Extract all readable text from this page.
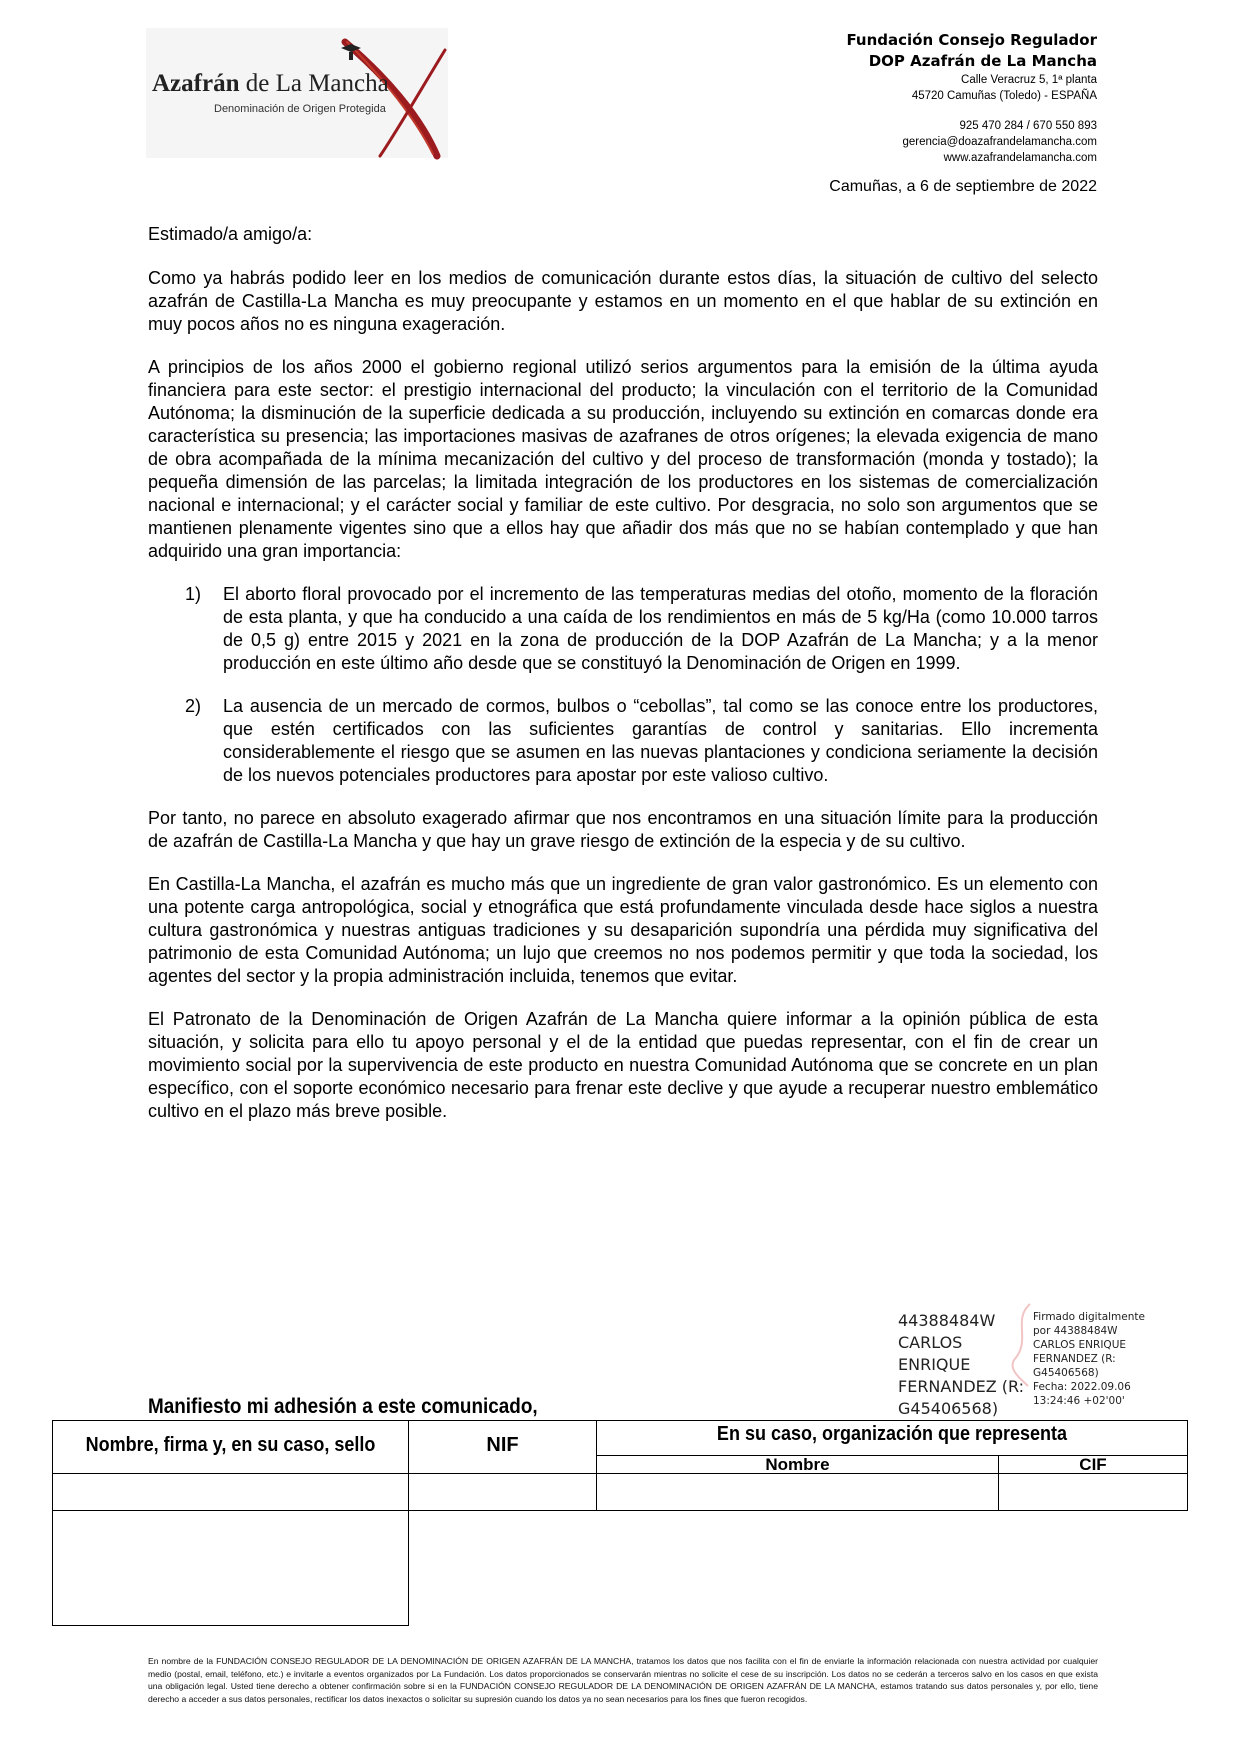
Azafrán de La Mancha
Denominación de Origen Protegida
Fundación Consejo Regulador
DOP Azafrán de La Mancha
Calle Veracruz 5, 1ª planta
45720 Camuñas (Toledo) - ESPAÑA
925 470 284 / 670 550 893
gerencia@doazafrandelamancha.com
www.azafrandelamancha.com
Camuñas, a 6 de septiembre de 2022

Estimado/a amigo/a:

Como ya habrás podido leer en los medios de comunicación durante estos días, la situación de cultivo del selecto azafrán de Castilla-La Mancha es muy preocupante y estamos en un momento en el que hablar de su extinción en muy pocos años no es ninguna exageración.

A principios de los años 2000 el gobierno regional utilizó serios argumentos para la emisión de la última ayuda financiera para este sector: el prestigio internacional del producto; la vinculación con el territorio de la Comunidad Autónoma; la disminución de la superficie dedicada a su producción, incluyendo su extinción en comarcas donde era característica su presencia; las importaciones masivas de azafranes de otros orígenes; la elevada exigencia de mano de obra acompañada de la mínima mecanización del cultivo y del proceso de transformación (monda y tostado); la pequeña dimensión de las parcelas; la limitada integración de los productores en los sistemas de comercialización nacional e internacional; y el carácter social y familiar de este cultivo. Por desgracia, no solo son argumentos que se mantienen plenamente vigentes sino que a ellos hay que añadir dos más que no se habían contemplado y que han adquirido una gran importancia:

1) El aborto floral provocado por el incremento de las temperaturas medias del otoño, momento de la floración de esta planta, y que ha conducido a una caída de los rendimientos en más de 5 kg/Ha (como 10.000 tarros de 0,5 g) entre 2015 y 2021 en la zona de producción de la DOP Azafrán de La Mancha; y a la menor producción en este último año desde que se constituyó la Denominación de Origen en 1999.
2) La ausencia de un mercado de cormos, bulbos o “cebollas”, tal como se las conoce entre los productores, que estén certificados con las suficientes garantías de control y sanitarias. Ello incrementa considerablemente el riesgo que se asumen en las nuevas plantaciones y condiciona seriamente la decisión de los nuevos potenciales productores para apostar por este valioso cultivo.

Por tanto, no parece en absoluto exagerado afirmar que nos encontramos en una situación límite para la producción de azafrán de Castilla-La Mancha y que hay un grave riesgo de extinción de la especia y de su cultivo.

En Castilla-La Mancha, el azafrán es mucho más que un ingrediente de gran valor gastronómico. Es un elemento con una potente carga antropológica, social y etnográfica que está profundamente vinculada desde hace siglos a nuestra cultura gastronómica y nuestras antiguas tradiciones y su desaparición supondría una pérdida muy significativa del patrimonio de esta Comunidad Autónoma; un lujo que creemos no nos podemos permitir y que toda la sociedad, los agentes del sector y la propia administración incluida, tenemos que evitar.

El Patronato de la Denominación de Origen Azafrán de La Mancha quiere informar a la opinión pública de esta situación, y solicita para ello tu apoyo personal y el de la entidad que puedas representar, con el fin de crear un movimiento social por la supervivencia de este producto en nuestra Comunidad Autónoma que se concrete en un plan específico, con el soporte económico necesario para frenar este declive y que ayude a recuperar nuestro emblemático cultivo en el plazo más breve posible.

44388484W
CARLOS
ENRIQUE
FERNANDEZ (R:
G45406568)
Firmado digitalmente
por 44388484W
CARLOS ENRIQUE
FERNANDEZ (R:
G45406568)
Fecha: 2022.09.06
13:24:46 +02'00'
Manifiesto mi adhesión a este comunicado,
Nombre, firma y, en su caso, sello	NIF	En su caso, organización que representa
Nombre	CIF
En nombre de la FUNDACIÓN CONSEJO REGULADOR DE LA DENOMINACIÓN DE ORIGEN AZAFRÁN DE LA MANCHA, tratamos los datos que nos facilita con el fin de enviarle la información relacionada con nuestra actividad por cualquier medio (postal, email, teléfono, etc.) e invitarle a eventos organizados por La Fundación. Los datos proporcionados se conservarán mientras no solicite el cese de su inscripción. Los datos no se cederán a terceros salvo en los casos en que exista una obligación legal. Usted tiene derecho a obtener confirmación sobre si en la FUNDACIÓN CONSEJO REGULADOR DE LA DENOMINACIÓN DE ORIGEN AZAFRÁN DE LA MANCHA, estamos tratando sus datos personales y, por ello, tiene derecho a acceder a sus datos personales, rectificar los datos inexactos o solicitar su supresión cuando los datos ya no sean necesarios para los fines que fueron recogidos.
